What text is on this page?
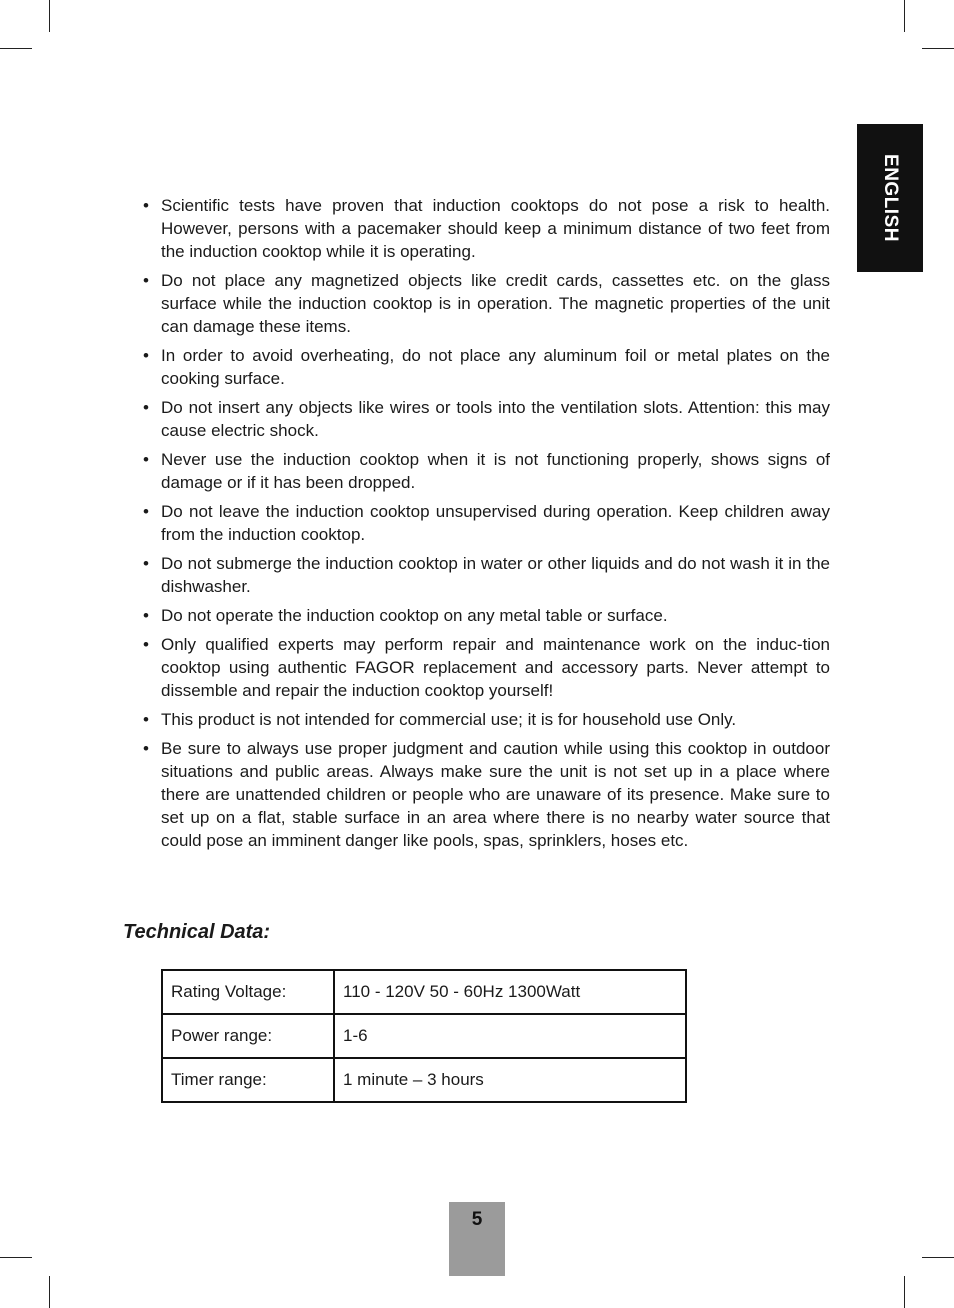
ENGLISH
• Scientific tests have proven that induction cooktops do not pose a risk to health. However, persons with a pacemaker should keep a minimum distance of two feet from the induction cooktop while it is operating.
• Do not place any magnetized objects like credit cards, cassettes etc. on the glass surface while the induction cooktop is in operation. The magnetic properties of the unit can damage these items.
• In order to avoid overheating, do not place any aluminum foil or metal plates on the cooking surface.
• Do not insert any objects like wires or tools into the ventilation slots. Attention: this may cause electric shock.
• Never use the induction cooktop when it is not functioning properly, shows signs of damage or if it has been dropped.
• Do not leave the induction cooktop unsupervised during operation. Keep children away from the induction cooktop.
• Do not submerge the induction cooktop in water or other liquids and do not wash it in the dishwasher.
• Do not operate the induction cooktop on any metal table or surface.
• Only qualified experts may perform repair and maintenance work on the induc-tion cooktop using authentic FAGOR replacement and accessory parts. Never attempt to dissemble and repair the induction cooktop yourself!
• This product is not intended for commercial use; it is for household use Only.
• Be sure to always use proper judgment and caution while using this cooktop in outdoor situations and public areas. Always make sure the unit is not set up in a place where there are unattended children or people who are unaware of its presence. Make sure to set up on a flat, stable surface in an area where there is no nearby water source that could pose an imminent danger like pools, spas, sprinklers, hoses etc.
Technical Data:
Rating Voltage:	110 - 120V 50 - 60Hz 1300Watt
Power range:	1-6
Timer range:	1 minute – 3 hours
5
